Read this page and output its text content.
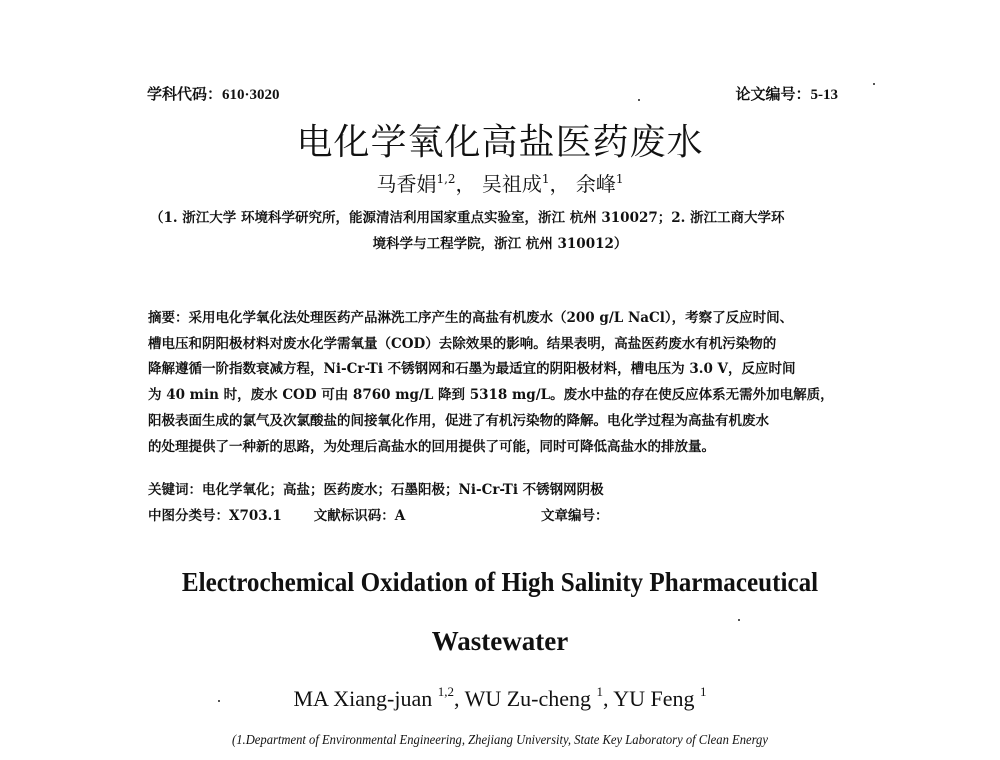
学科代码：610·3020	论文编号：5-13
电化学氧化高盐医药废水
马香娟$^{1,2}$， 吴祖成$^1$， 余峰$^1$
（1. 浙江大学 环境科学研究所，能源清洁利用国家重点实验室，浙江 杭州 310027；2. 浙江工商大学环
境科学与工程学院，浙江 杭州 310012）
摘要：采用电化学氧化法处理医药产品淋洗工序产生的高盐有机废水（200 g/L NaCl），考察了反应时间、
槽电压和阴阳极材料对废水化学需氧量（COD）去除效果的影响。结果表明，高盐医药废水有机污染物的
降解遵循一阶指数衰减方程，Ni-Cr-Ti 不锈钢网和石墨为最适宜的阴阳极材料，槽电压为 3.0 V，反应时间
为 40 min 时，废水 COD 可由 8760 mg/L 降到 5318 mg/L。废水中盐的存在使反应体系无需外加电解质，
阳极表面生成的氯气及次氯酸盐的间接氧化作用，促进了有机污染物的降解。电化学过程为高盐有机废水
的处理提供了一种新的思路，为处理后高盐水的回用提供了可能，同时可降低高盐水的排放量。
关键词：电化学氧化；高盐；医药废水；石墨阳极；Ni-Cr-Ti 不锈钢网阴极
中图分类号：X703.1 文献标识码：A	文章编号：
Electrochemical Oxidation of High Salinity Pharmaceutical
Wastewater
MA Xiang-juan $^{1,2}$, WU Zu-cheng $^1$, YU Feng $^1$
(1.Department of Environmental Engineering, Zhejiang University, State Key Laboratory of Clean Energy
